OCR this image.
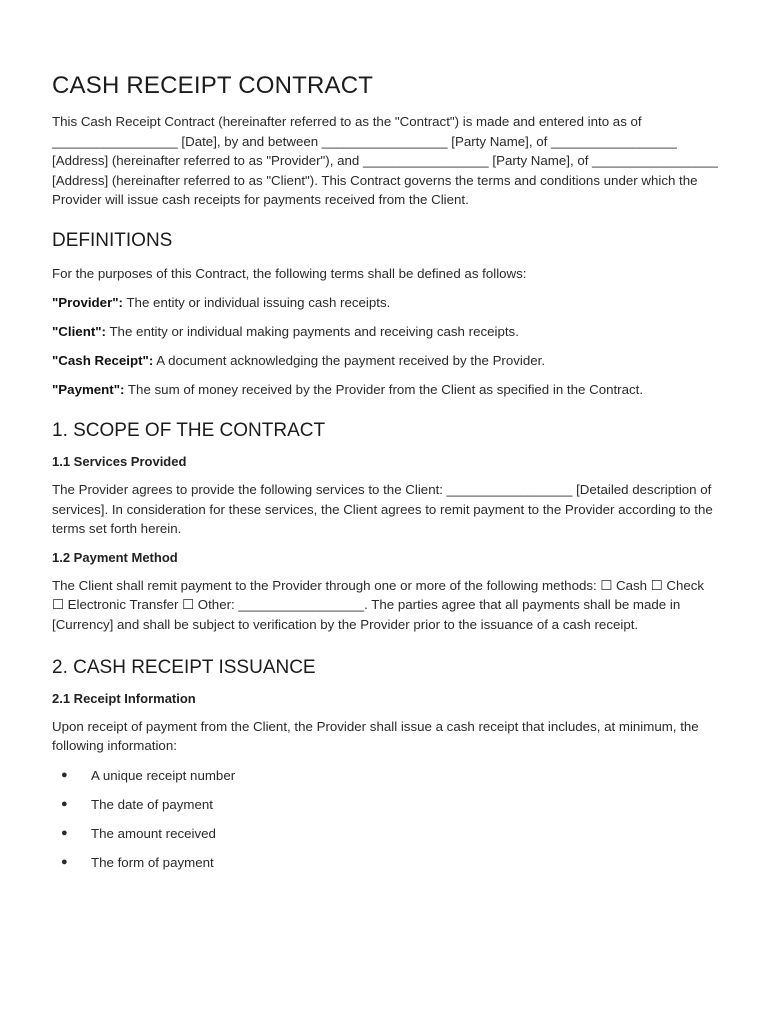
CASH RECEIPT CONTRACT

This Cash Receipt Contract (hereinafter referred to as the "Contract") is made and entered into as of _________________ [Date], by and between _________________ [Party Name], of _________________ [Address] (hereinafter referred to as "Provider"), and _________________ [Party Name], of _________________ [Address] (hereinafter referred to as "Client"). This Contract governs the terms and conditions under which the Provider will issue cash receipts for payments received from the Client.

DEFINITIONS

For the purposes of this Contract, the following terms shall be defined as follows:

"Provider": The entity or individual issuing cash receipts.

"Client": The entity or individual making payments and receiving cash receipts.

"Cash Receipt": A document acknowledging the payment received by the Provider.

"Payment": The sum of money received by the Provider from the Client as specified in the Contract.

1. SCOPE OF THE CONTRACT
1.1 Services Provided

The Provider agrees to provide the following services to the Client: _________________ [Detailed description of services]. In consideration for these services, the Client agrees to remit payment to the Provider according to the terms set forth herein.

1.2 Payment Method

The Client shall remit payment to the Provider through one or more of the following methods: ☐ Cash ☐ Check ☐ Electronic Transfer ☐ Other: _________________. The parties agree that all payments shall be made in [Currency] and shall be subject to verification by the Provider prior to the issuance of a cash receipt.

2. CASH RECEIPT ISSUANCE
2.1 Receipt Information

Upon receipt of payment from the Client, the Provider shall issue a cash receipt that includes, at minimum, the following information:

● A unique receipt number
● The date of payment
● The amount received
● The form of payment
